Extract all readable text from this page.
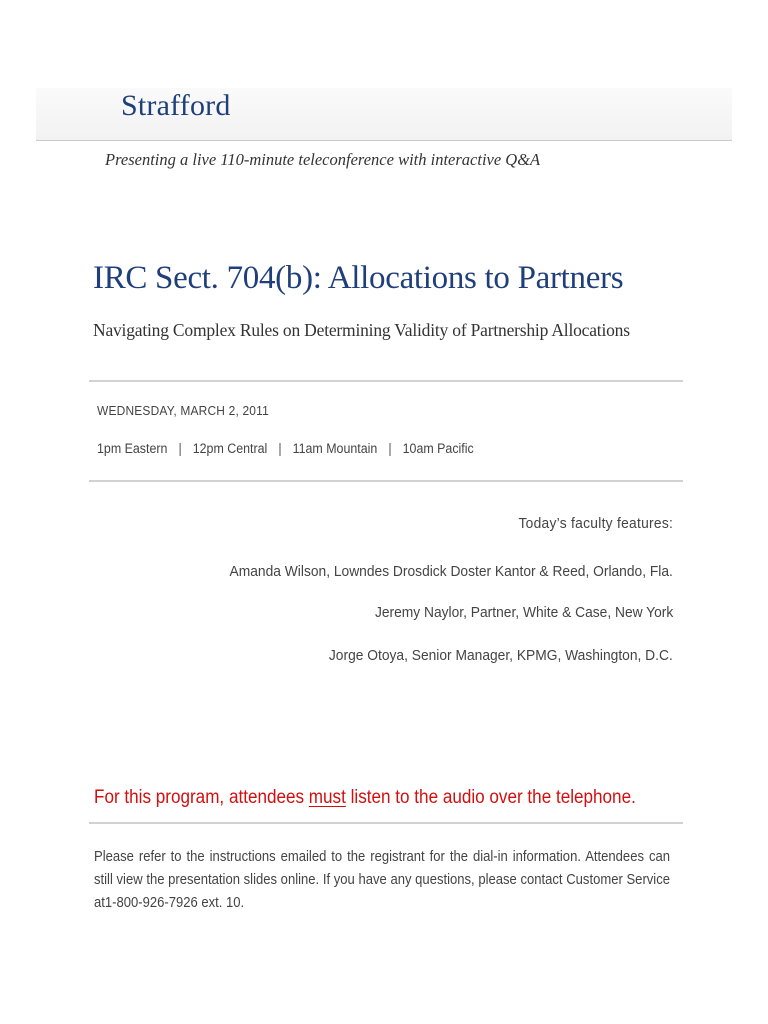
Strafford
Presenting a live 110-minute teleconference with interactive Q&A
IRC Sect. 704(b): Allocations to Partners
Navigating Complex Rules on Determining Validity of Partnership Allocations
WEDNESDAY, MARCH 2, 2011
1pm Eastern | 12pm Central | 11am Mountain | 10am Pacific
Today’s faculty features:
Amanda Wilson, Lowndes Drosdick Doster Kantor & Reed, Orlando, Fla.
Jeremy Naylor, Partner, White & Case, New York
Jorge Otoya, Senior Manager, KPMG, Washington, D.C.
For this program, attendees must listen to the audio over the telephone.
Please refer to the instructions emailed to the registrant for the dial-in information. Attendees can still view the presentation slides online. If you have any questions, please contact Customer Service at1-800-926-7926 ext. 10.
